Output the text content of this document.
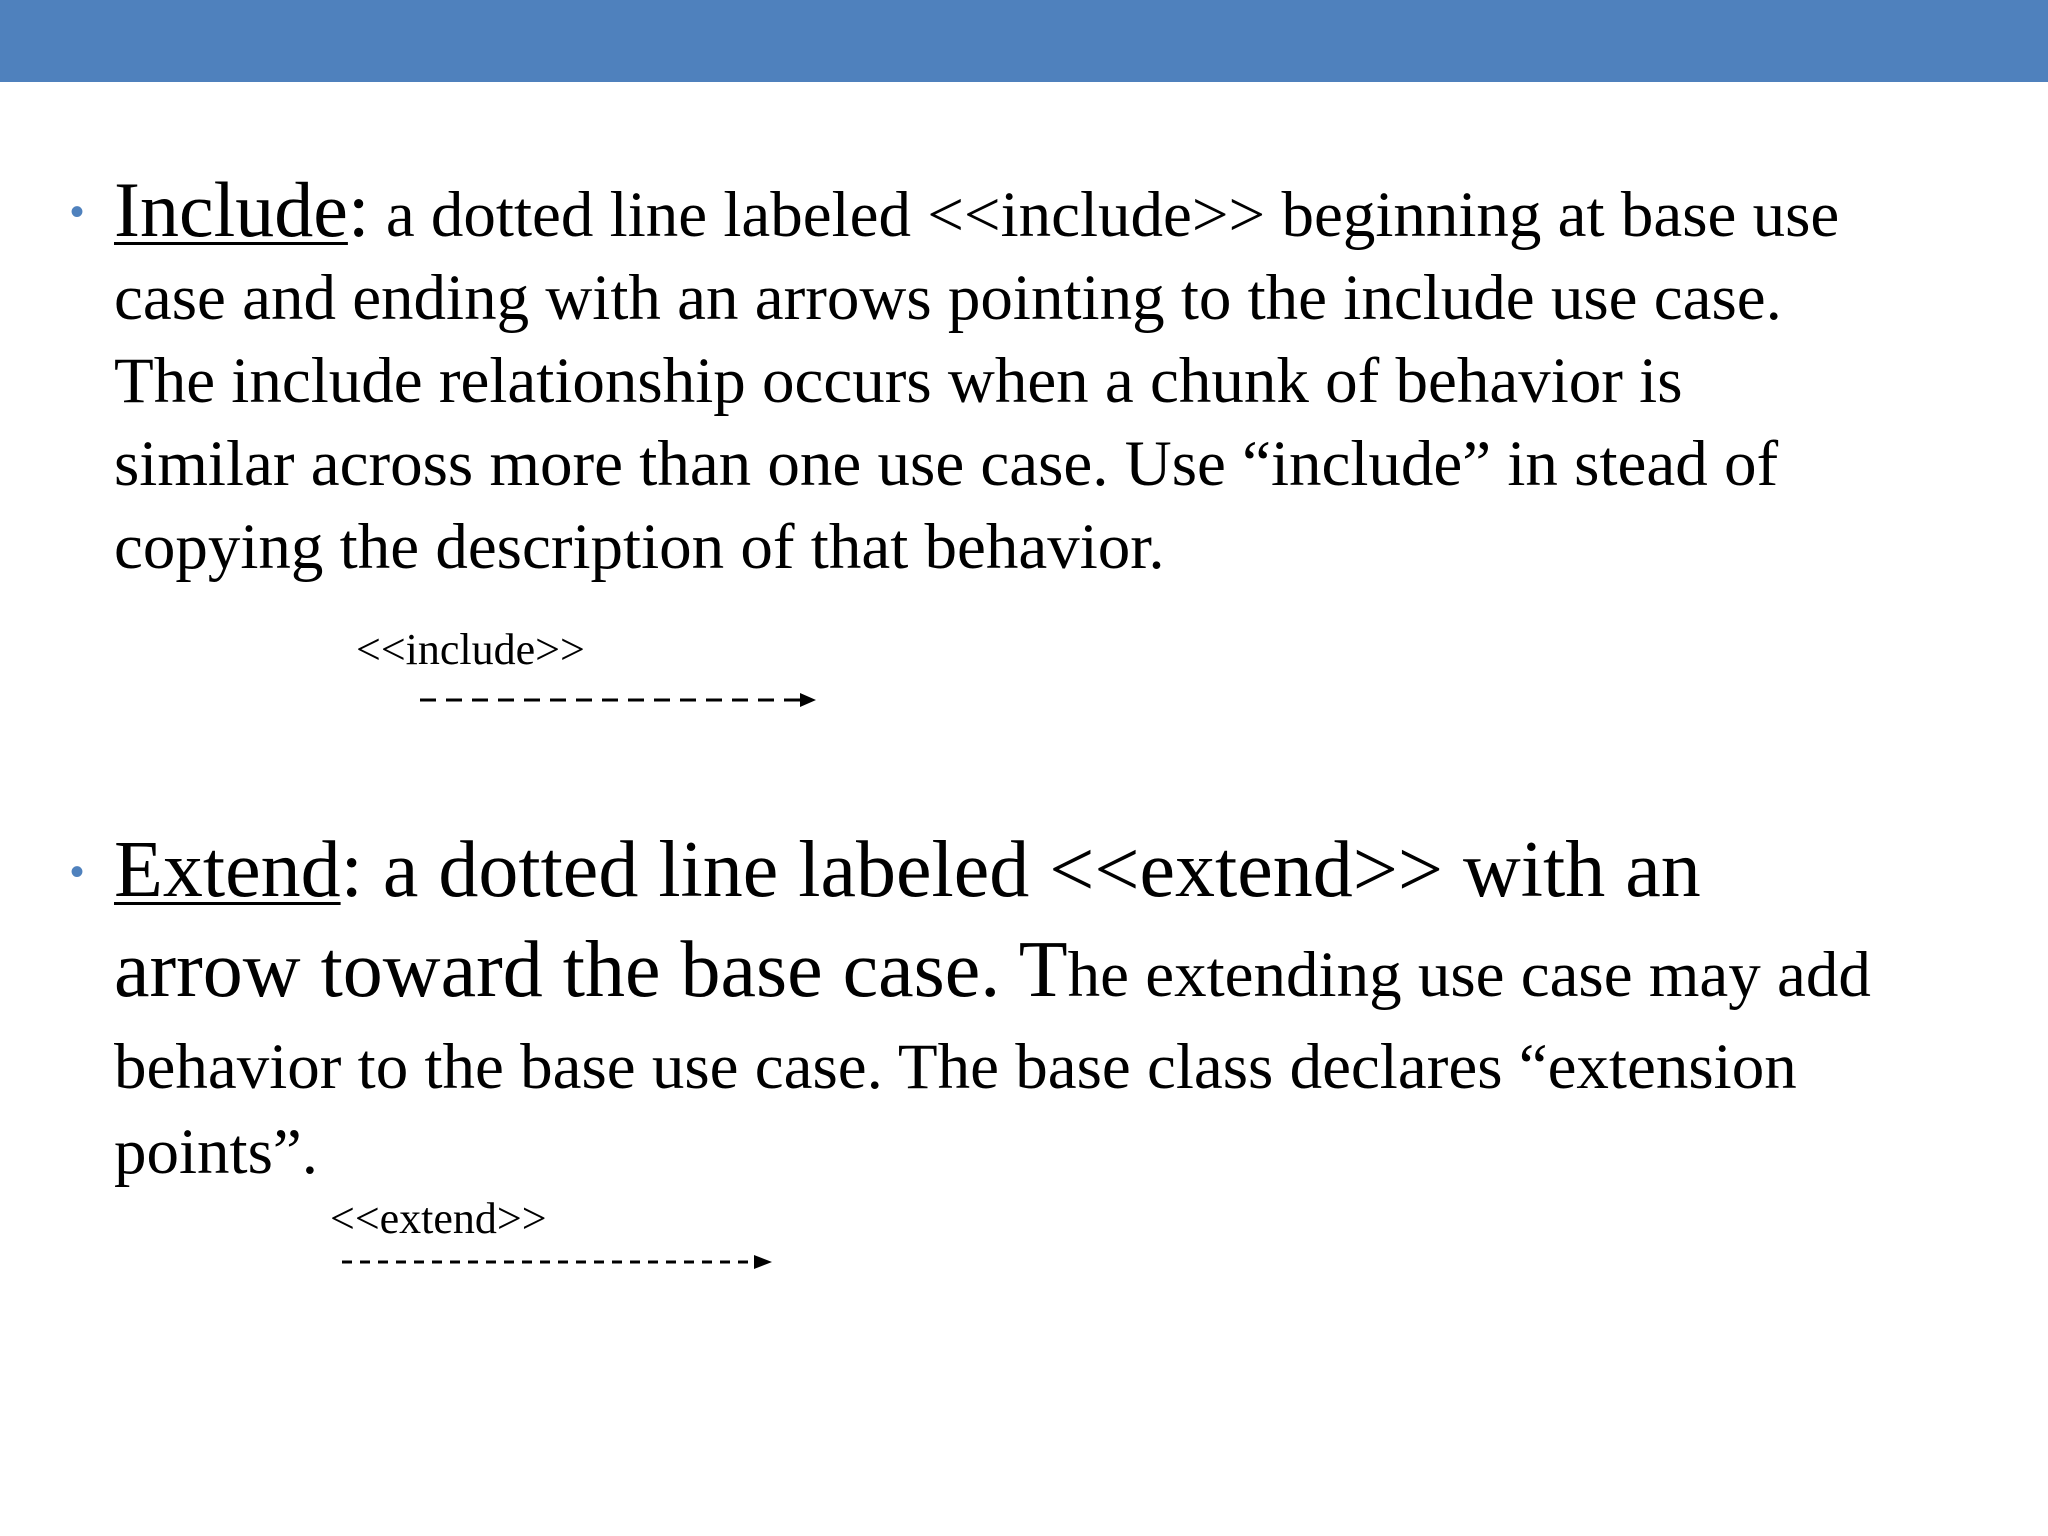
• Include: a dotted line labeled <<include>> beginning at base use
case and ending with an arrows pointing to the include use case.
The include relationship occurs when a chunk of behavior is
similar across more than one use case. Use “include” in stead of
copying the description of that behavior.
<<include>>
• Extend: a dotted line labeled <<extend>> with an
arrow toward the base case. The extending use case may add
behavior to the base use case. The base class declares “extension
points”.
<<extend>>
